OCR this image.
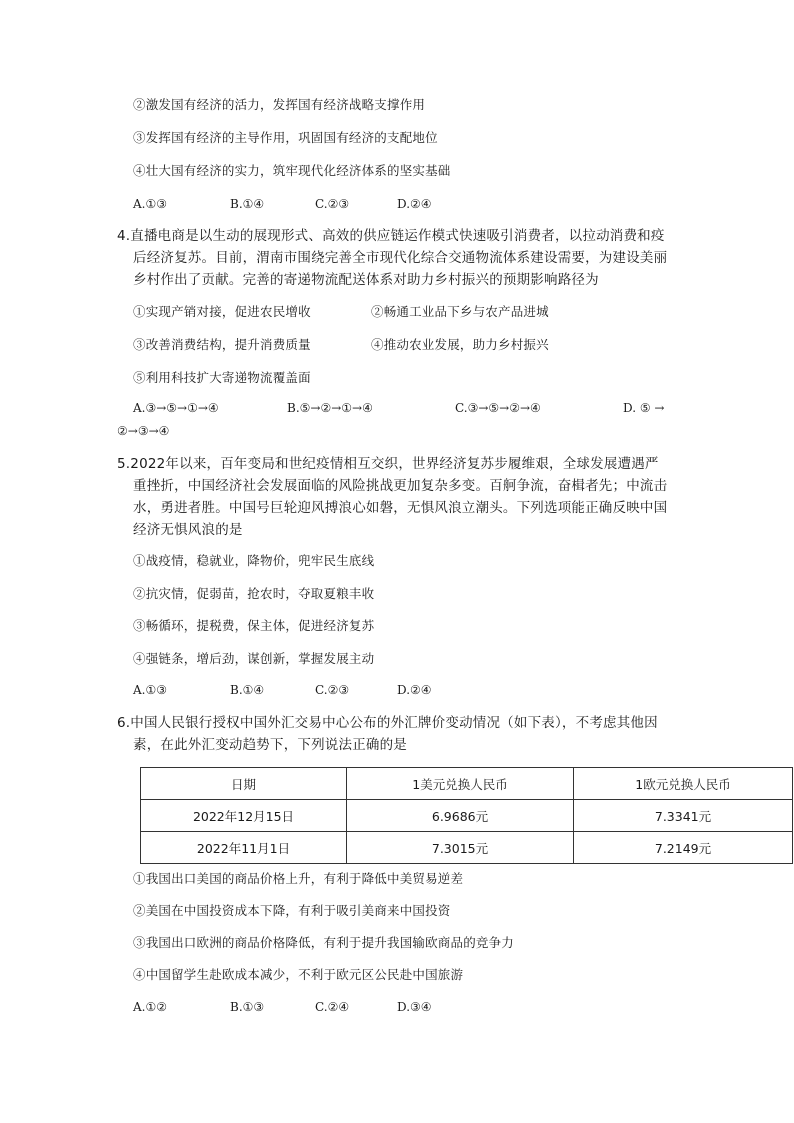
②激发国有经济的活力，发挥国有经济战略支撑作用
③发挥国有经济的主导作用，巩固国有经济的支配地位
④壮大国有经济的实力，筑牢现代化经济体系的坚实基础
A.①③	B.①④	C.②③	D.②④
4.直播电商是以生动的展现形式、高效的供应链运作模式快速吸引消费者，以拉动消费和疫
后经济复苏。目前，渭南市围绕完善全市现代化综合交通物流体系建设需要，为建设美丽
乡村作出了贡献。完善的寄递物流配送体系对助力乡村振兴的预期影响路径为
①实现产销对接，促进农民增收	②畅通工业品下乡与农产品进城
③改善消费结构，提升消费质量	④推动农业发展，助力乡村振兴
⑤利用科技扩大寄递物流覆盖面
A.③→⑤→①→④	B.⑤→②→①→④	C.③→⑤→②→④	D. ⑤ →
②→③→④
5.2022年以来，百年变局和世纪疫情相互交织，世界经济复苏步履维艰，全球发展遭遇严
重挫折，中国经济社会发展面临的风险挑战更加复杂多变。百舸争流，奋楫者先；中流击
水，勇进者胜。中国号巨轮迎风搏浪心如磐，无惧风浪立潮头。下列选项能正确反映中国
经济无惧风浪的是
①战疫情，稳就业，降物价，兜牢民生底线
②抗灾情，促弱苗，抢农时，夺取夏粮丰收
③畅循环，提税费，保主体，促进经济复苏
④强链条，增后劲，谋创新，掌握发展主动
A.①③	B.①④	C.②③	D.②④
6.中国人民银行授权中国外汇交易中心公布的外汇牌价变动情况（如下表），不考虑其他因
素，在此外汇变动趋势下，下列说法正确的是
日期	1美元兑换人民币	1欧元兑换人民币
2022年12月15日	6.9686元	7.3341元
2022年11月1日	7.3015元	7.2149元
①我国出口美国的商品价格上升，有利于降低中美贸易逆差
②美国在中国投资成本下降，有利于吸引美商来中国投资
③我国出口欧洲的商品价格降低，有利于提升我国输欧商品的竞争力
④中国留学生赴欧成本减少，不利于欧元区公民赴中国旅游
A.①②	B.①③	C.②④	D.③④
